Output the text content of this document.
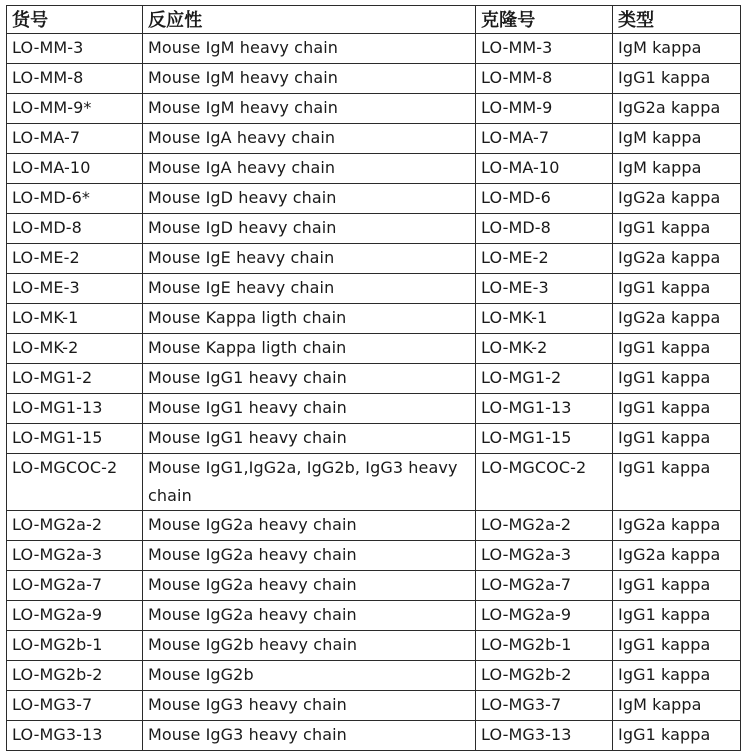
货号	反应性	克隆号	类型
LO-MM-3	Mouse IgM heavy chain	LO-MM-3	IgM kappa
LO-MM-8	Mouse IgM heavy chain	LO-MM-8	IgG1 kappa
LO-MM-9*	Mouse IgM heavy chain	LO-MM-9	IgG2a kappa
LO-MA-7	Mouse IgA heavy chain	LO-MA-7	IgM kappa
LO-MA-10	Mouse IgA heavy chain	LO-MA-10	IgM kappa
LO-MD-6*	Mouse IgD heavy chain	LO-MD-6	IgG2a kappa
LO-MD-8	Mouse IgD heavy chain	LO-MD-8	IgG1 kappa
LO-ME-2	Mouse IgE heavy chain	LO-ME-2	IgG2a kappa
LO-ME-3	Mouse IgE heavy chain	LO-ME-3	IgG1 kappa
LO-MK-1	Mouse Kappa ligth chain	LO-MK-1	IgG2a kappa
LO-MK-2	Mouse Kappa ligth chain	LO-MK-2	IgG1 kappa
LO-MG1-2	Mouse IgG1 heavy chain	LO-MG1-2	IgG1 kappa
LO-MG1-13	Mouse IgG1 heavy chain	LO-MG1-13	IgG1 kappa
LO-MG1-15	Mouse IgG1 heavy chain	LO-MG1-15	IgG1 kappa
LO-MGCOC-2	Mouse IgG1,IgG2a, IgG2b, IgG3 heavy chain	LO-MGCOC-2	IgG1 kappa
LO-MG2a-2	Mouse IgG2a heavy chain	LO-MG2a-2	IgG2a kappa
LO-MG2a-3	Mouse IgG2a heavy chain	LO-MG2a-3	IgG2a kappa
LO-MG2a-7	Mouse IgG2a heavy chain	LO-MG2a-7	IgG1 kappa
LO-MG2a-9	Mouse IgG2a heavy chain	LO-MG2a-9	IgG1 kappa
LO-MG2b-1	Mouse IgG2b heavy chain	LO-MG2b-1	IgG1 kappa
LO-MG2b-2	Mouse IgG2b	LO-MG2b-2	IgG1 kappa
LO-MG3-7	Mouse IgG3 heavy chain	LO-MG3-7	IgM kappa
LO-MG3-13	Mouse IgG3 heavy chain	LO-MG3-13	IgG1 kappa
